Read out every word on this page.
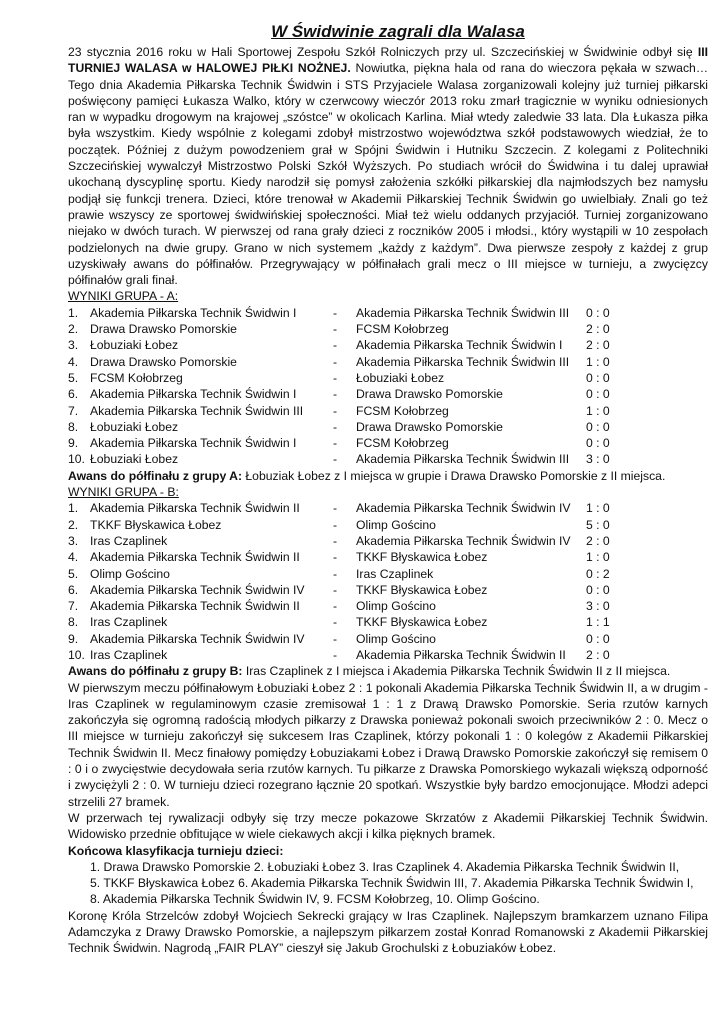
W Świdwinie zagrali dla Walasa

23 stycznia 2016 roku w Hali Sportowej Zespołu Szkół Rolniczych przy ul. Szczecińskiej w Świdwinie odbył się III TURNIEJ WALASA w HALOWEJ PIŁKI NOŻNEJ. Nowiutka, piękna hala od rana do wieczora pękała w szwach… Tego dnia Akademia Piłkarska Technik Świdwin i STS Przyjaciele Walasa zorganizowali kolejny już turniej piłkarski poświęcony pamięci Łukasza Walko, który w czerwcowy wieczór 2013 roku zmarł tragicznie w wyniku odniesionych ran w wypadku drogowym na krajowej „szóstce” w okolicach Karlina. Miał wtedy zaledwie 33 lata. Dla Łukasza piłka była wszystkim. Kiedy wspólnie z kolegami zdobył mistrzostwo województwa szkół podstawowych wiedział, że to początek. Później z dużym powodzeniem grał w Spójni Świdwin i Hutniku Szczecin. Z kolegami z Politechniki Szczecińskiej wywalczył Mistrzostwo Polski Szkół Wyższych. Po studiach wrócił do Świdwina i tu dalej uprawiał ukochaną dyscyplinę sportu. Kiedy narodził się pomysł założenia szkółki piłkarskiej dla najmłodszych bez namysłu podjął się funkcji trenera. Dzieci, które trenował w Akademii Piłkarskiej Technik Świdwin go uwielbiały. Znali go też prawie wszyscy ze sportowej świdwińskiej społeczności. Miał też wielu oddanych przyjaciół. Turniej zorganizowano niejako w dwóch turach. W pierwszej od rana grały dzieci z roczników 2005 i młodsi., który wystąpili w 10 zespołach podzielonych na dwie grupy. Grano w nich systemem „każdy z każdym”. Dwa pierwsze zespoły z każdej z grup uzyskiwały awans do półfinałów. Przegrywający w półfinałach grali mecz o III miejsce w turnieju, a zwycięzcy półfinałów grali finał.

WYNIKI GRUPA - A:
1.	Akademia Piłkarska Technik Świdwin I	-	Akademia Piłkarska Technik Świdwin III	0 : 0
2.	Drawa Drawsko Pomorskie	-	FCSM Kołobrzeg	2 : 0
3.	Łobuziaki Łobez	-	Akademia Piłkarska Technik Świdwin I	2 : 0
4.	Drawa Drawsko Pomorskie	-	Akademia Piłkarska Technik Świdwin III	1 : 0
5.	FCSM Kołobrzeg	-	Łobuziaki Łobez	0 : 0
6.	Akademia Piłkarska Technik Świdwin I	-	Drawa Drawsko Pomorskie	0 : 0
7.	Akademia Piłkarska Technik Świdwin III	-	FCSM Kołobrzeg	1 : 0
8.	Łobuziaki Łobez	-	Drawa Drawsko Pomorskie	0 : 0
9.	Akademia Piłkarska Technik Świdwin I	-	FCSM Kołobrzeg	0 : 0
10.	Łobuziaki Łobez	-	Akademia Piłkarska Technik Świdwin III	3 : 0

Awans do półfinału z grupy A: Łobuziak Łobez z I miejsca w grupie i Drawa Drawsko Pomorskie z II miejsca.

WYNIKI GRUPA - B:
1.	Akademia Piłkarska Technik Świdwin II	-	Akademia Piłkarska Technik Świdwin IV	1 : 0
2.	TKKF Błyskawica Łobez	-	Olimp Gościno	5 : 0
3.	Iras Czaplinek	-	Akademia Piłkarska Technik Świdwin IV	2 : 0
4.	Akademia Piłkarska Technik Świdwin II	-	TKKF Błyskawica Łobez	1 : 0
5.	Olimp Gościno	-	Iras Czaplinek	0 : 2
6.	Akademia Piłkarska Technik Świdwin IV	-	TKKF Błyskawica Łobez	0 : 0
7.	Akademia Piłkarska Technik Świdwin II	-	Olimp Gościno	3 : 0
8.	Iras Czaplinek	-	TKKF Błyskawica Łobez	1 : 1
9.	Akademia Piłkarska Technik Świdwin IV	-	Olimp Gościno	0 : 0
10.	Iras Czaplinek	-	Akademia Piłkarska Technik Świdwin II	2 : 0

Awans do półfinału z grupy B: Iras Czaplinek z I miejsca i Akademia Piłkarska Technik Świdwin II z II miejsca.

W pierwszym meczu półfinałowym Łobuziaki Łobez 2 : 1 pokonali Akademia Piłkarska Technik Świdwin II, a w drugim - Iras Czaplinek w regulaminowym czasie zremisował 1 : 1 z Drawą Drawsko Pomorskie. Seria rzutów karnych zakończyła się ogromną radością młodych piłkarzy z Drawska ponieważ pokonali swoich przeciwników 2 : 0. Mecz o III miejsce w turnieju zakończył się sukcesem Iras Czaplinek, którzy pokonali 1 : 0 kolegów z Akademii Piłkarskiej Technik Świdwin II. Mecz finałowy pomiędzy Łobuziakami Łobez i Drawą Drawsko Pomorskie zakończył się remisem 0 : 0 i o zwycięstwie decydowała seria rzutów karnych. Tu piłkarze z Drawska Pomorskiego wykazali większą odporność i zwyciężyli 2 : 0. W turnieju dzieci rozegrano łącznie 20 spotkań. Wszystkie były bardzo emocjonujące. Młodzi adepci strzelili 27 bramek.

W przerwach tej rywalizacji odbyły się trzy mecze pokazowe Skrzatów z Akademii Piłkarskiej Technik Świdwin. Widowisko przednie obfitujące w wiele ciekawych akcji i kilka pięknych bramek.

Końcowa klasyfikacja turnieju dzieci:
1. Drawa Drawsko Pomorskie 2. Łobuziaki Łobez 3. Iras Czaplinek 4. Akademia Piłkarska Technik Świdwin II,
5. TKKF Błyskawica Łobez 6. Akademia Piłkarska Technik Świdwin III, 7. Akademia Piłkarska Technik Świdwin I,
8. Akademia Piłkarska Technik Świdwin IV, 9. FCSM Kołobrzeg, 10. Olimp Gościno.

Koronę Króla Strzelców zdobył Wojciech Sekrecki grający w Iras Czaplinek. Najlepszym bramkarzem uznano Filipa Adamczyka z Drawy Drawsko Pomorskie, a najlepszym piłkarzem został Konrad Romanowski z Akademii Piłkarskiej Technik Świdwin. Nagrodą „FAIR PLAY” cieszył się Jakub Grochulski z Łobuziaków Łobez.
